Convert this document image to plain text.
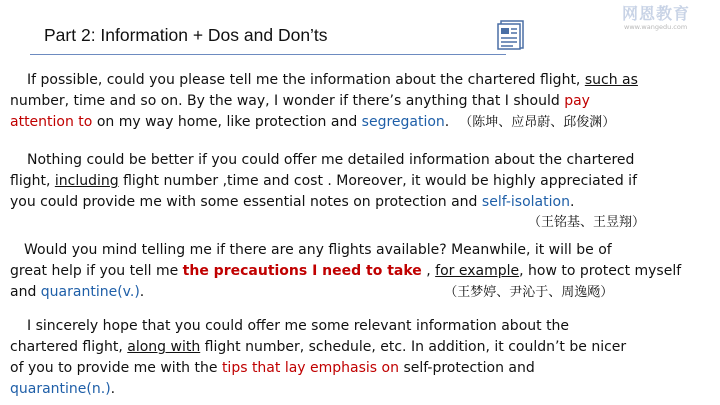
Part 2: Information + Dos and Don’ts
网恩教育
www.wangedu.com
If possible, could you please tell me the information about the chartered flight, such as
number, time and so on. By the way, I wonder if there’s anything that I should pay
attention to on my way home, like protection and segregation. （陈坤、应昂蔚、邱俊渊）
Nothing could be better if you could offer me detailed information about the chartered
flight, including flight number ,time and cost . Moreover, it would be highly appreciated if
you could provide me with some essential notes on protection and self-isolation.
（王铭基、王昱翔）
Would you mind telling me if there are any flights available? Meanwhile, it will be of
great help if you tell me the precautions I need to take , for example, how to protect myself
and quarantine(v.).	（王梦婷、尹沁于、周逸飏）
I sincerely hope that you could offer me some relevant information about the
chartered flight, along with flight number, schedule, etc. In addition, it couldn’t be nicer
of you to provide me with the tips that lay emphasis on self-protection and
quarantine(n.).
